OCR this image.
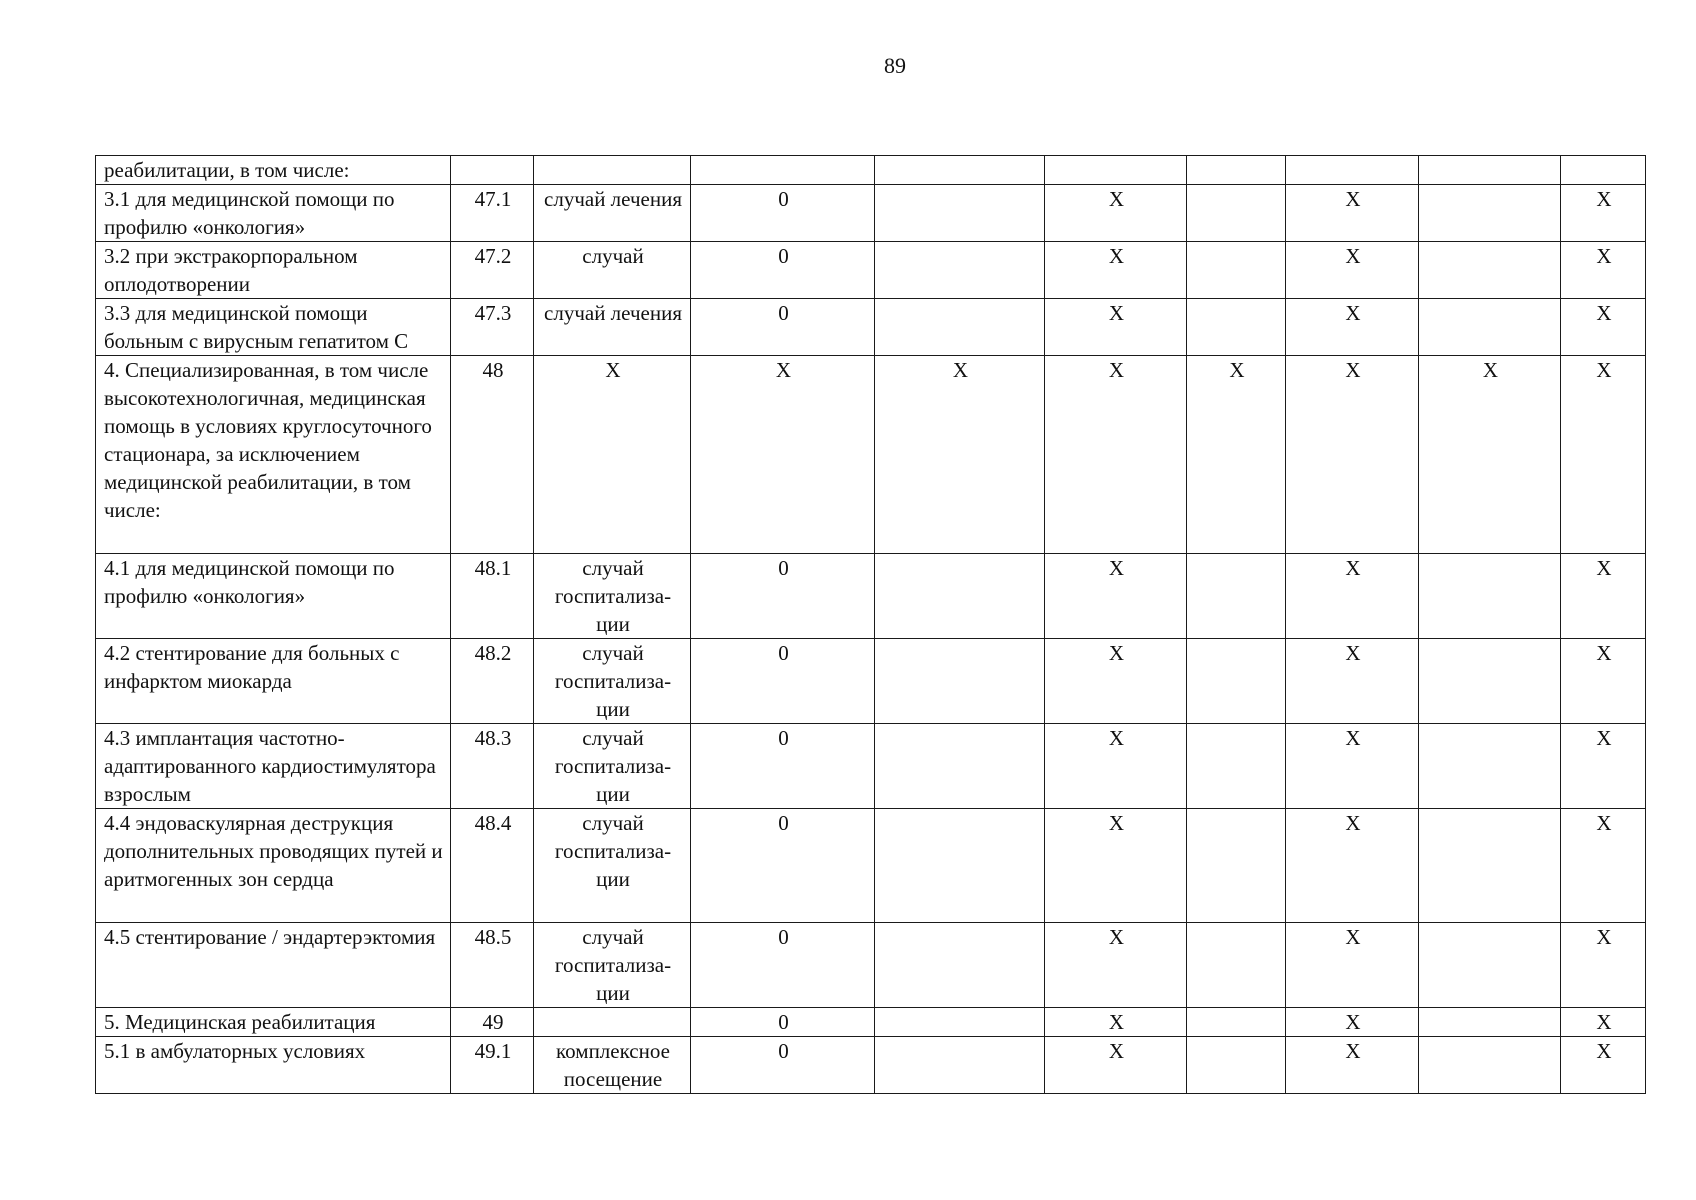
89
реабилитации, в том числе:									
3.1 для медицинской помощи по профилю «онкология»	47.1	случай лечения	0		X		X		X
3.2 при экстракорпоральном оплодотворении	47.2	случай	0		X		X		X
3.3 для медицинской помощи больным с вирусным гепатитом С	47.3	случай лечения	0		X		X		X
4. Специализированная, в том числе высокотехнологичная, медицинская помощь в условиях круглосуточного стационара, за исключением медицинской реабилитации, в том числе:	48	X	X	X	X	X	X	X	X
4.1 для медицинской помощи по профилю «онкология»	48.1	случай госпитализа-ции	0		X		X		X
4.2 стентирование для больных с инфарктом миокарда	48.2	случай госпитализа-ции	0		X		X		X
4.3 имплантация частотно-адаптированного кардиостимулятора взрослым	48.3	случай госпитализа-ции	0		X		X		X
4.4 эндоваскулярная деструкция дополнительных проводящих путей и аритмогенных зон сердца	48.4	случай госпитализа-ции	0		X		X		X
4.5 стентирование / эндартерэктомия	48.5	случай госпитализа-ции	0		X		X		X
5. Медицинская реабилитация	49		0		X		X		X
5.1 в амбулаторных условиях	49.1	комплексное посещение	0		X		X		X
